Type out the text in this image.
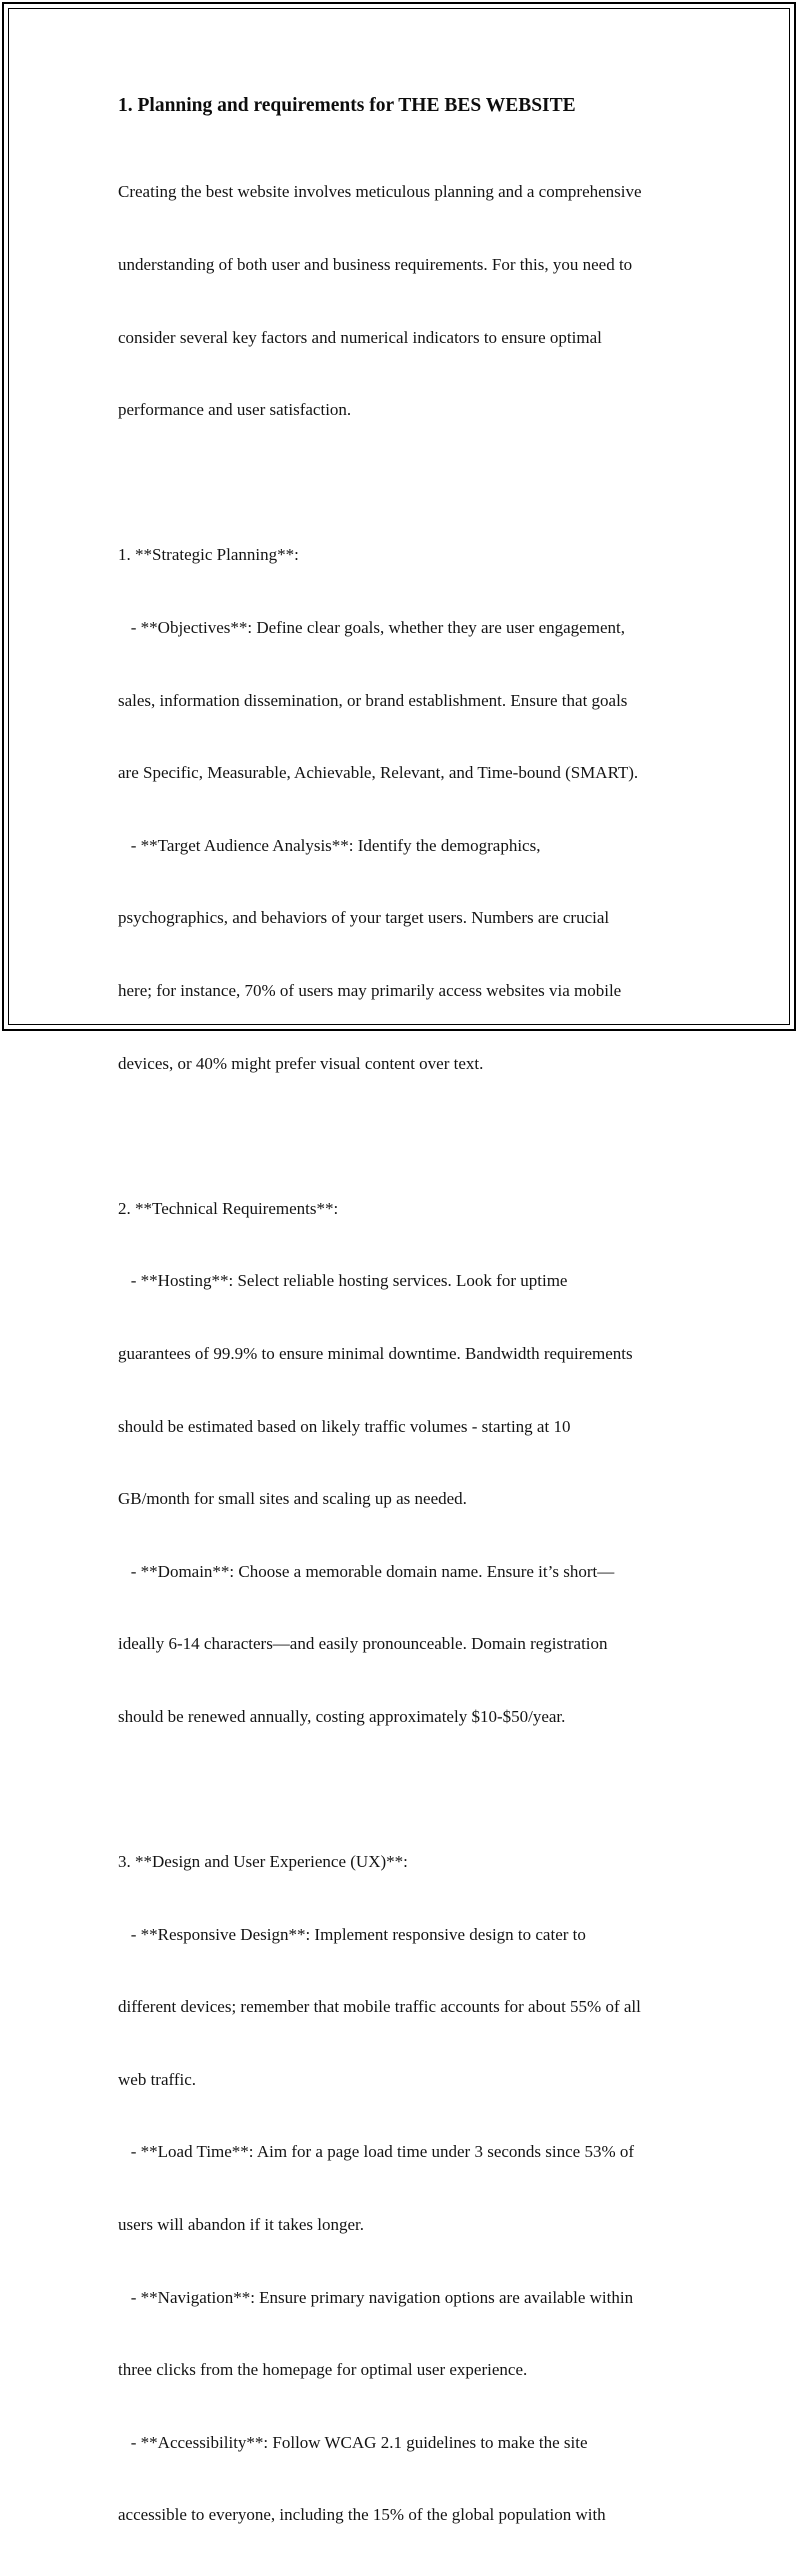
1. Planning and requirements for THE BES WEBSITE

Creating the best website involves meticulous planning and a comprehensive

understanding of both user and business requirements. For this, you need to

consider several key factors and numerical indicators to ensure optimal

performance and user satisfaction.

1. **Strategic Planning**:

- **Objectives**: Define clear goals, whether they are user engagement,

sales, information dissemination, or brand establishment. Ensure that goals

are Specific, Measurable, Achievable, Relevant, and Time-bound (SMART).

- **Target Audience Analysis**: Identify the demographics,

psychographics, and behaviors of your target users. Numbers are crucial

here; for instance, 70% of users may primarily access websites via mobile

devices, or 40% might prefer visual content over text.

2. **Technical Requirements**:

- **Hosting**: Select reliable hosting services. Look for uptime

guarantees of 99.9% to ensure minimal downtime. Bandwidth requirements

should be estimated based on likely traffic volumes - starting at 10

GB/month for small sites and scaling up as needed.

- **Domain**: Choose a memorable domain name. Ensure it’s short—

ideally 6-14 characters—and easily pronounceable. Domain registration

should be renewed annually, costing approximately $10-$50/year.

3. **Design and User Experience (UX)**:

- **Responsive Design**: Implement responsive design to cater to

different devices; remember that mobile traffic accounts for about 55% of all

web traffic.

- **Load Time**: Aim for a page load time under 3 seconds since 53% of

users will abandon if it takes longer.

- **Navigation**: Ensure primary navigation options are available within

three clicks from the homepage for optimal user experience.

- **Accessibility**: Follow WCAG 2.1 guidelines to make the site

accessible to everyone, including the 15% of the global population with
